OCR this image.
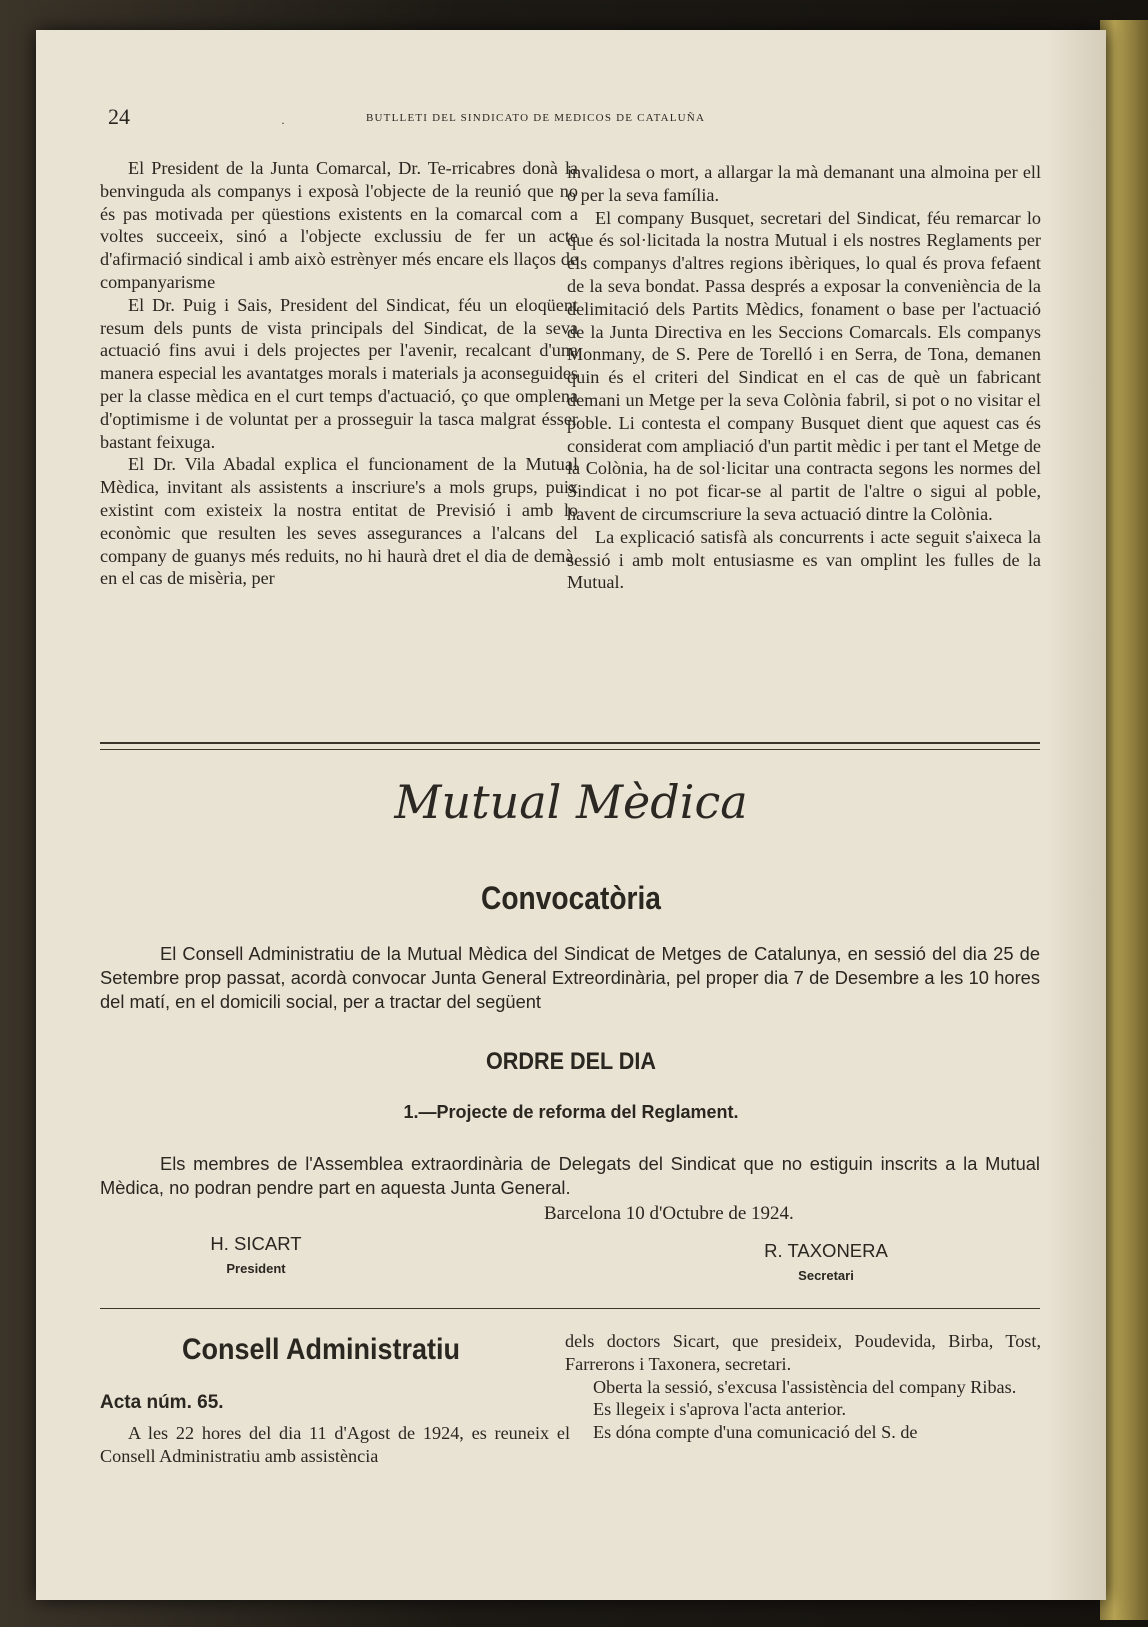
24	·	BUTLLETI DEL SINDICATO DE MEDICOS DE CATALUÑA

El President de la Junta Comarcal, Dr. Te-rricabres donà la benvinguda als companys i exposà l'objecte de la reunió que no és pas motivada per qüestions existents en la comarcal com a voltes succeeix, sinó a l'objecte exclussiu de fer un acte d'afirmació sindical i amb això estrènyer més encare els llaços de companyarisme

El Dr. Puig i Sais, President del Sindicat, féu un eloqüent resum dels punts de vista principals del Sindicat, de la seva actuació fins avui i dels projectes per l'avenir, recalcant d'una manera especial les avantatges morals i materials ja aconseguides per la classe mèdica en el curt temps d'actuació, ço que omplena d'optimisme i de voluntat per a prosseguir la tasca malgrat ésser bastant feixuga.

El Dr. Vila Abadal explica el funcionament de la Mutual Mèdica, invitant als assistents a inscriure's a mols grups, puix existint com existeix la nostra entitat de Previsió i amb lo econòmic que resulten les seves assegurances a l'alcans del company de guanys més reduits, no hi haurà dret el dia de demà, en el cas de misèria, per

invalidesa o mort, a allargar la mà demanant una almoina per ell o per la seva família.

El company Busquet, secretari del Sindicat, féu remarcar lo que és sol·licitada la nostra Mutual i els nostres Reglaments per els companys d'altres regions ibèriques, lo qual és prova fefaent de la seva bondat. Passa després a exposar la conveniència de la delimitació dels Partits Mèdics, fonament o base per l'actuació de la Junta Directiva en les Seccions Comarcals. Els companys Monmany, de S. Pere de Torelló i en Serra, de Tona, demanen quin és el criteri del Sindicat en el cas de què un fabricant demani un Metge per la seva Colònia fabril, si pot o no visitar el poble. Li contesta el company Busquet dient que aquest cas és considerat com ampliació d'un partit mèdic i per tant el Metge de la Colònia, ha de sol·licitar una contracta segons les normes del Sindicat i no pot ficar-se al partit de l'altre o sigui al poble, havent de circumscriure la seva actuació dintre la Colònia.

La explicació satisfà als concurrents i acte seguit s'aixeca la sessió i amb molt entusiasme es van omplint les fulles de la Mutual.

Mutual Mèdica
Convocatòria

El Consell Administratiu de la Mutual Mèdica del Sindicat de Metges de Catalunya, en sessió del dia 25 de Setembre prop passat, acordà convocar Junta General Extreordinària, pel proper dia 7 de Desembre a les 10 hores del matí, en el domicili social, per a tractar del següent

ORDRE DEL DIA
1.—Projecte de reforma del Reglament.

Els membres de l'Assemblea extraordinària de Delegats del Sindicat que no estiguin inscrits a la Mutual Mèdica, no podran pendre part en aquesta Junta General.

Barcelona 10 d'Octubre de 1924.
H. SICART
President
R. TAXONERA
Secretari
Consell Administratiu
Acta núm. 65.

A les 22 hores del dia 11 d'Agost de 1924, es reuneix el Consell Administratiu amb assistència

dels doctors Sicart, que presideix, Poudevida, Birba, Tost, Farrerons i Taxonera, secretari.

Oberta la sessió, s'excusa l'assistència del company Ribas.

Es llegeix i s'aprova l'acta anterior.

Es dóna compte d'una comunicació del S. de
